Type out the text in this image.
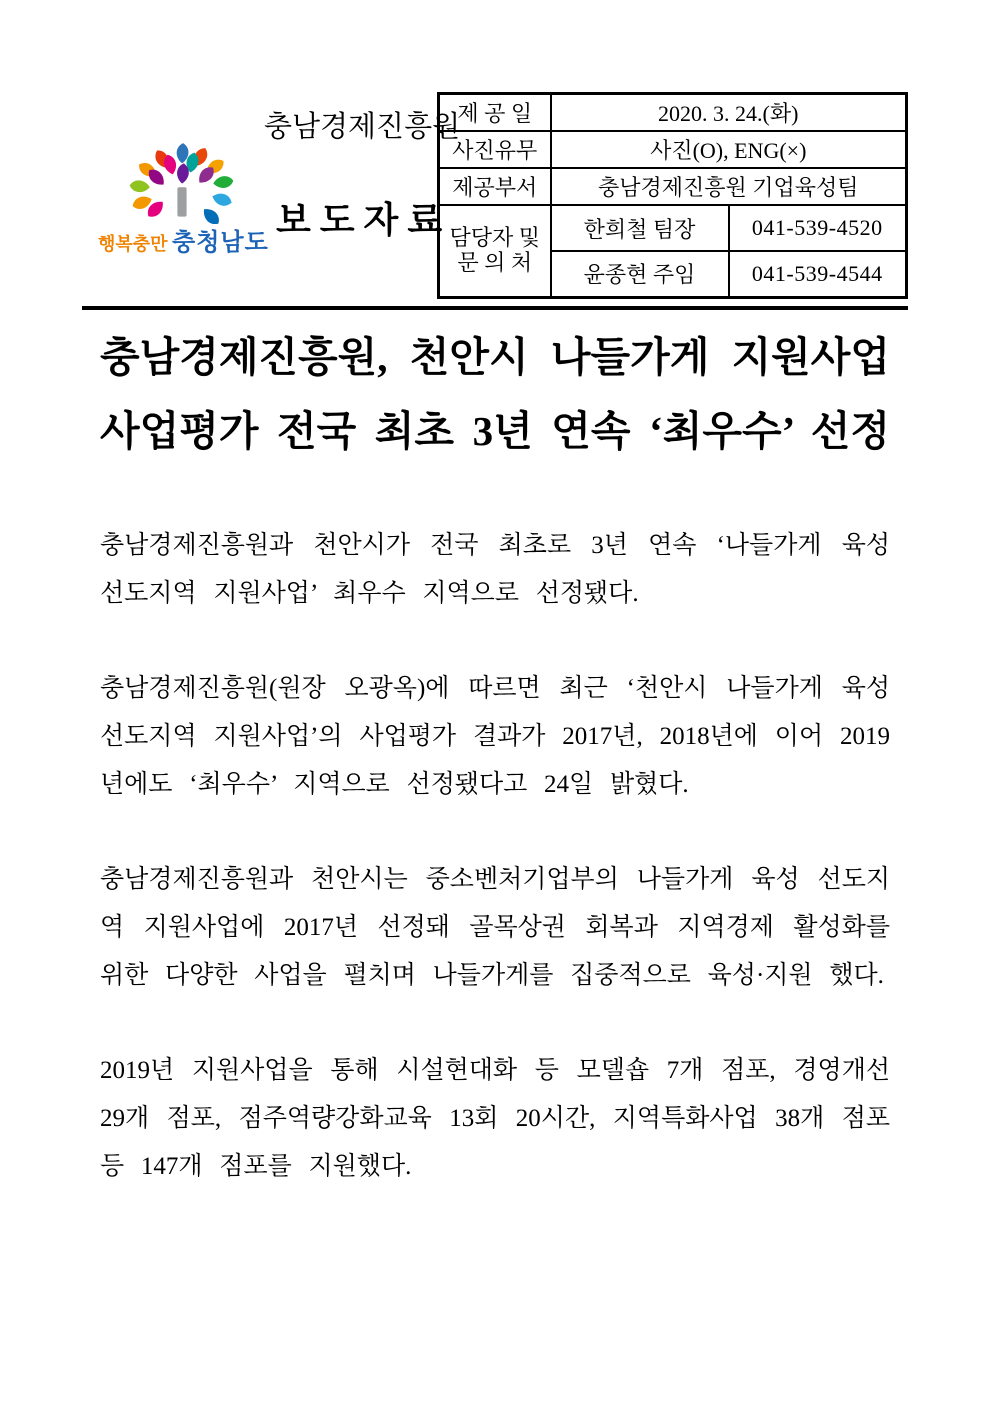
행복충만 충청남도
충남경제진흥원
보도자료
제 공 일	2020. 3. 24.(화)	
사진유무	사진(O), ENG(×)	
제공부서	충남경제진흥원 기업육성팀	
담당자 및
문 의 처	한희철 팀장	041-539-4520
	윤종현 주임	041-539-4544
충남경제진흥원, 천안시 나들가게 지원사업
사업평가 전국 최초 3년 연속 ‘최우수’ 선정

충남경제진흥원과 천안시가 전국 최초로 3년 연속 ‘나들가게 육성 선도지역 지원사업’ 최우수 지역으로 선정됐다.

충남경제진흥원(원장 오광옥)에 따르면 최근 ‘천안시 나들가게 육성 선도지역 지원사업’의 사업평가 결과가 2017년, 2018년에 이어 2019년에도 ‘최우수’ 지역으로 선정됐다고 24일 밝혔다.

충남경제진흥원과 천안시는 중소벤처기업부의 나들가게 육성 선도지역 지원사업에 2017년 선정돼 골목상권 회복과 지역경제 활성화를 위한 다양한 사업을 펼치며 나들가게를 집중적으로 육성·지원 했다.

2019년 지원사업을 통해 시설현대화 등 모델숍 7개 점포, 경영개선 29개 점포, 점주역량강화교육 13회 20시간, 지역특화사업 38개 점포 등 147개 점포를 지원했다.
